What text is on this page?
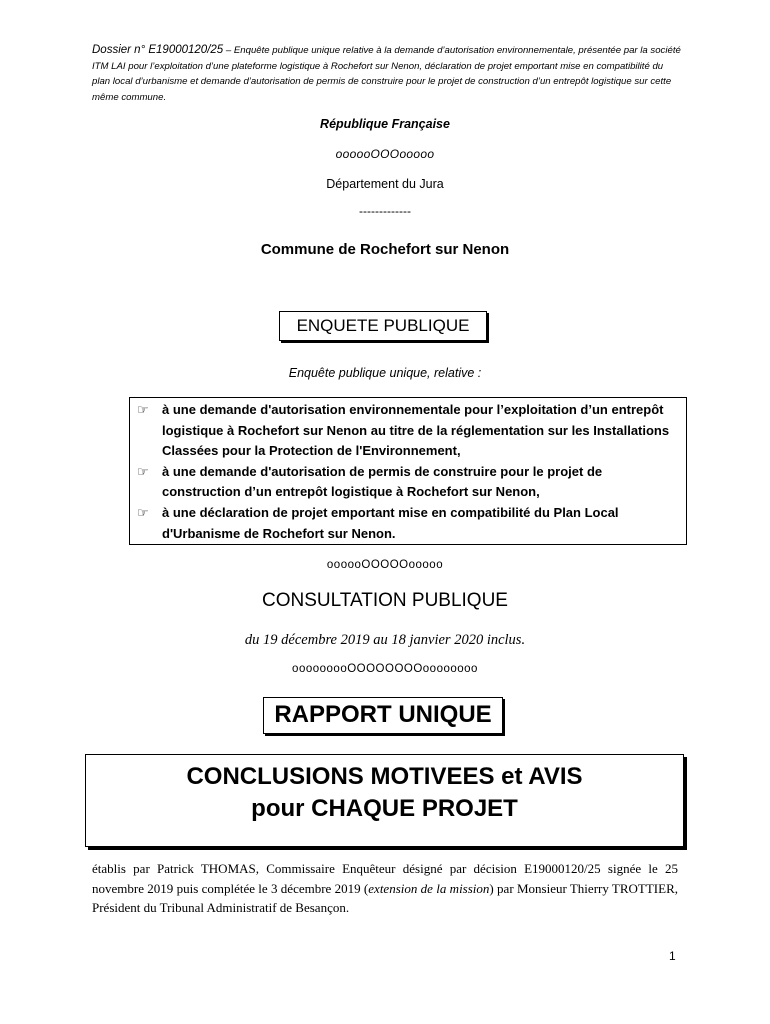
Dossier n° E19000120/25 – Enquête publique unique relative à la demande d’autorisation environnementale, présentée par la société ITM LAI pour l’exploitation d’une plateforme logistique à Rochefort sur Nenon, déclaration de projet emportant mise en compatibilité du plan local d’urbanisme et demande d’autorisation de permis de construire pour le projet de construction d’un entrepôt logistique sur cette même commune.
République Française
oooooOOOooooo
Département du Jura
-------------
Commune de Rochefort sur Nenon
ENQUETE PUBLIQUE
Enquête publique unique, relative :
☞ à une demande d'autorisation environnementale pour l’exploitation d’un entrepôt logistique à Rochefort sur Nenon au titre de la réglementation sur les Installations Classées pour la Protection de l'Environnement,
☞ à une demande d'autorisation de permis de construire pour le projet de construction d’un entrepôt logistique à Rochefort sur Nenon,
☞ à une déclaration de projet emportant mise en compatibilité du Plan Local d'Urbanisme de Rochefort sur Nenon.
oooooOOOOOooooo
CONSULTATION PUBLIQUE
du 19 décembre 2019 au 18 janvier 2020 inclus.
ooooooooOOOOOOOOoooooooo
RAPPORT UNIQUE
CONCLUSIONS MOTIVEES et AVIS
pour CHAQUE PROJET
établis par Patrick THOMAS, Commissaire Enquêteur désigné par décision E19000120/25 signée le 25 novembre 2019 puis complétée le 3 décembre 2019 (extension de la mission) par Monsieur Thierry TROTTIER, Président du Tribunal Administratif de Besançon.
1
